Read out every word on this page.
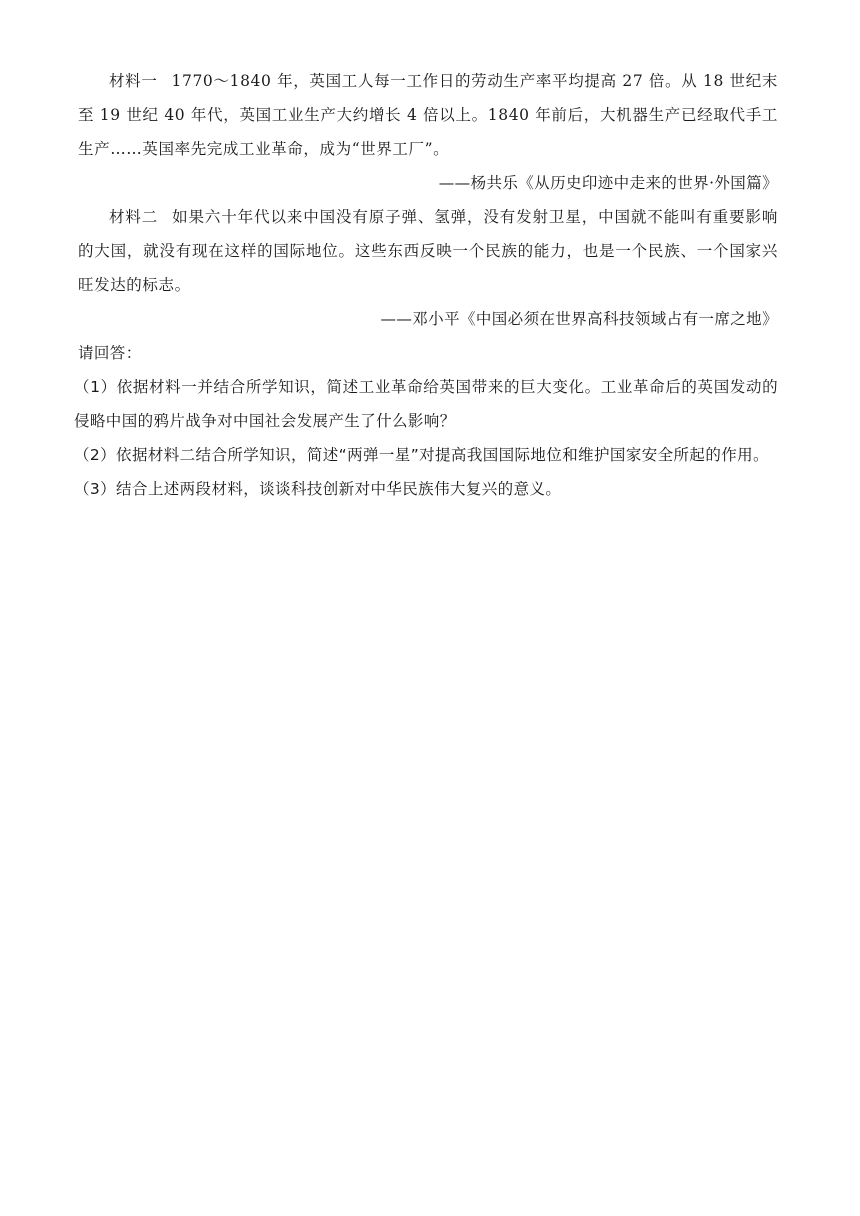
材料一 1770～1840 年，英国工人每一工作日的劳动生产率平均提高 27 倍。从 18 世纪末至 19 世纪 40 年代，英国工业生产大约增长 4 倍以上。1840 年前后，大机器生产已经取代手工生产……英国率先完成工业革命，成为“世界工厂”。

——杨共乐《从历史印迹中走来的世界·外国篇》

材料二 如果六十年代以来中国没有原子弹、氢弹，没有发射卫星，中国就不能叫有重要影响的大国，就没有现在这样的国际地位。这些东西反映一个民族的能力，也是一个民族、一个国家兴旺发达的标志。

——邓小平《中国必须在世界高科技领域占有一席之地》

请回答：

（1）依据材料一并结合所学知识，简述工业革命给英国带来的巨大变化。工业革命后的英国发动的侵略中国的鸦片战争对中国社会发展产生了什么影响？

（2）依据材料二结合所学知识，简述“两弹一星”对提高我国国际地位和维护国家安全所起的作用。

（3）结合上述两段材料，谈谈科技创新对中华民族伟大复兴的意义。
